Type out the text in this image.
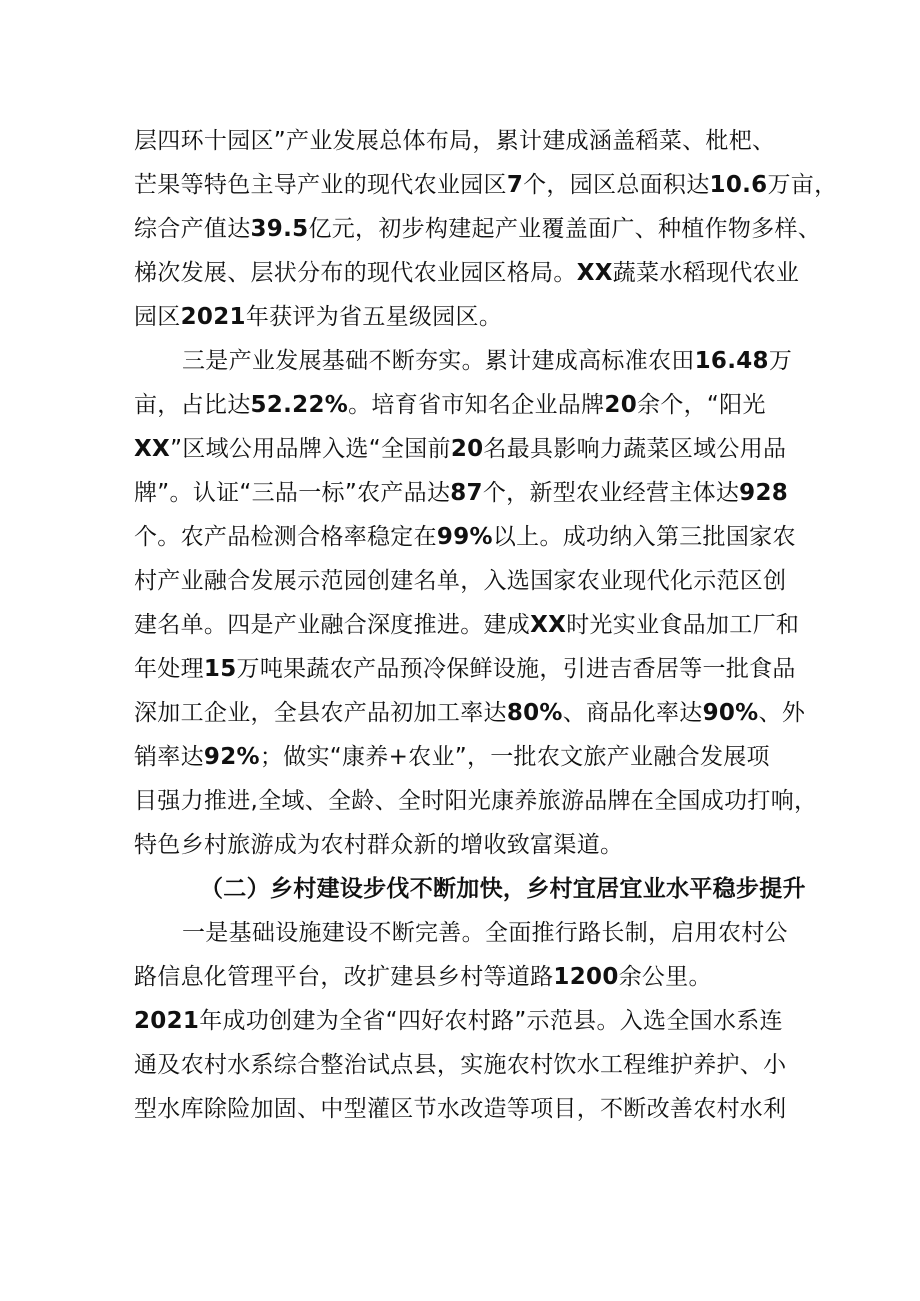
层四环十园区”产业发展总体布局，累计建成涵盖稻菜、枇杷、
芒果等特色主导产业的现代农业园区7个，园区总面积达10.6万亩，
综合产值达39.5亿元，初步构建起产业覆盖面广、种植作物多样、
梯次发展、层状分布的现代农业园区格局。XX蔬菜水稻现代农业
园区2021年获评为省五星级园区。
三是产业发展基础不断夯实。累计建成高标准农田16.48万
亩，占比达52.22%。培育省市知名企业品牌20余个，“阳光
XX”区域公用品牌入选“全国前20名最具影响力蔬菜区域公用品
牌”。认证“三品一标”农产品达87个，新型农业经营主体达928
个。农产品检测合格率稳定在99%以上。成功纳入第三批国家农
村产业融合发展示范园创建名单，入选国家农业现代化示范区创
建名单。四是产业融合深度推进。建成XX时光实业食品加工厂和
年处理15万吨果蔬农产品预冷保鲜设施，引进吉香居等一批食品
深加工企业，全县农产品初加工率达80%、商品化率达90%、外
销率达92%；做实“康养+农业”，一批农文旅产业融合发展项
目强力推进,全域、全龄、全时阳光康养旅游品牌在全国成功打响，
特色乡村旅游成为农村群众新的增收致富渠道。
（二）乡村建设步伐不断加快，乡村宜居宜业水平稳步提升
一是基础设施建设不断完善。全面推行路长制，启用农村公
路信息化管理平台，改扩建县乡村等道路1200余公里。
2021年成功创建为全省“四好农村路”示范县。入选全国水系连
通及农村水系综合整治试点县，实施农村饮水工程维护养护、小
型水库除险加固、中型灌区节水改造等项目，不断改善农村水利
